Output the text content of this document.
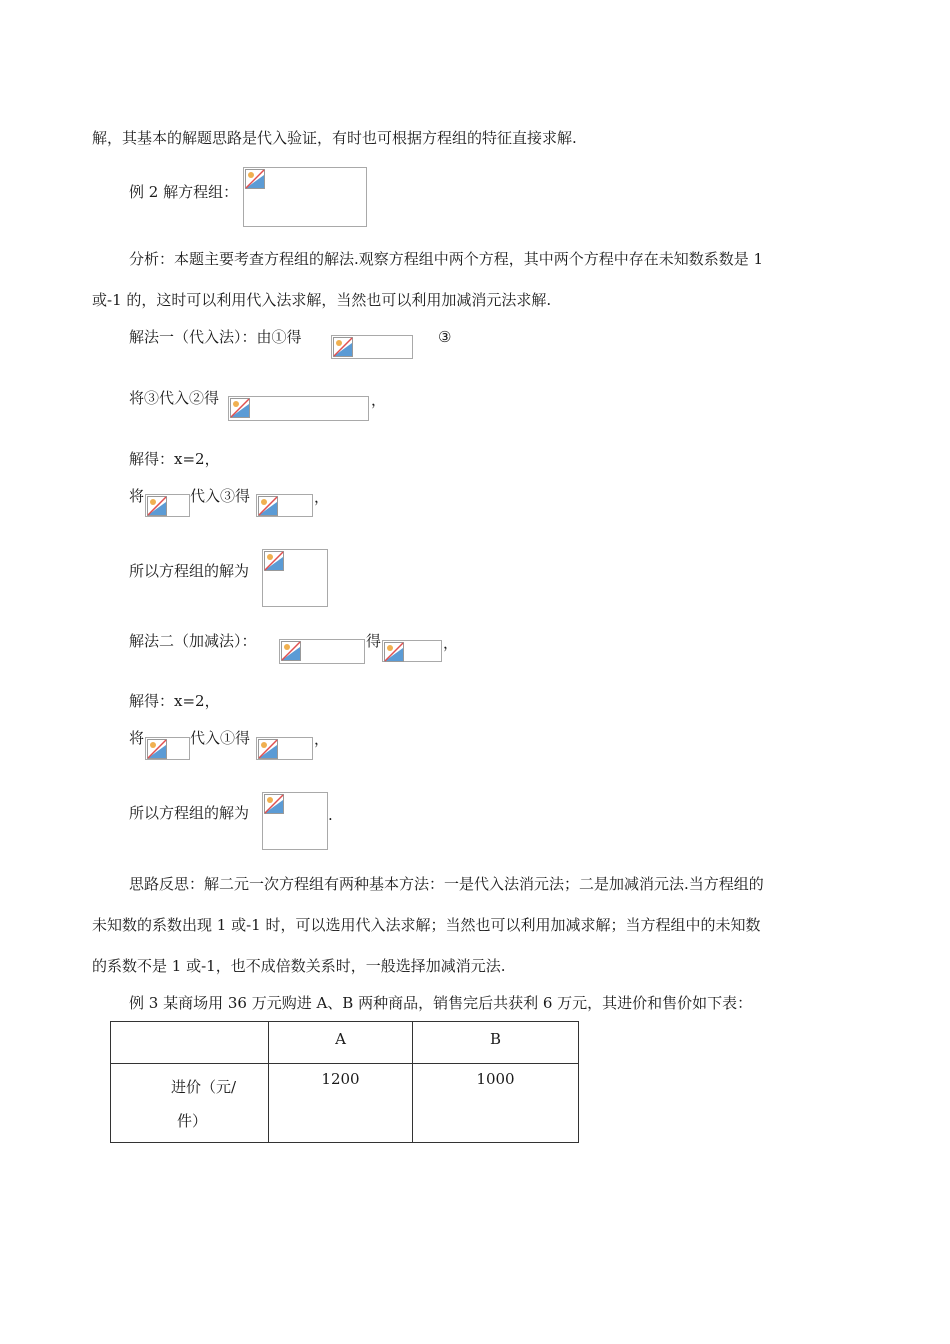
解，其基本的解题思路是代入验证，有时也可根据方程组的特征直接求解.
例 2 解方程组：
分析：本题主要考查方程组的解法.观察方程组中两个方程，其中两个方程中存在未知数系数是 1
或-1 的，这时可以利用代入法求解，当然也可以利用加减消元法求解.
解法一（代入法）：由①得	③
将③代入②得	，
解得：x=2，
将	代入③得	，
所以方程组的解为
解法二（加减法）：	得	，
解得：x=2，
将	代入①得	，
所以方程组的解为	.
思路反思：解二元一次方程组有两种基本方法：一是代入法消元法；二是加减消元法.当方程组的
未知数的系数出现 1 或-1 时，可以选用代入法求解；当然也可以利用加减求解；当方程组中的未知数
的系数不是 1 或-1，也不成倍数关系时，一般选择加减消元法.
例 3 某商场用 36 万元购进 A、B 两种商品，销售完后共获利 6 万元，其进价和售价如下表：
	A	B

进价（元/
件）	1200	1000
